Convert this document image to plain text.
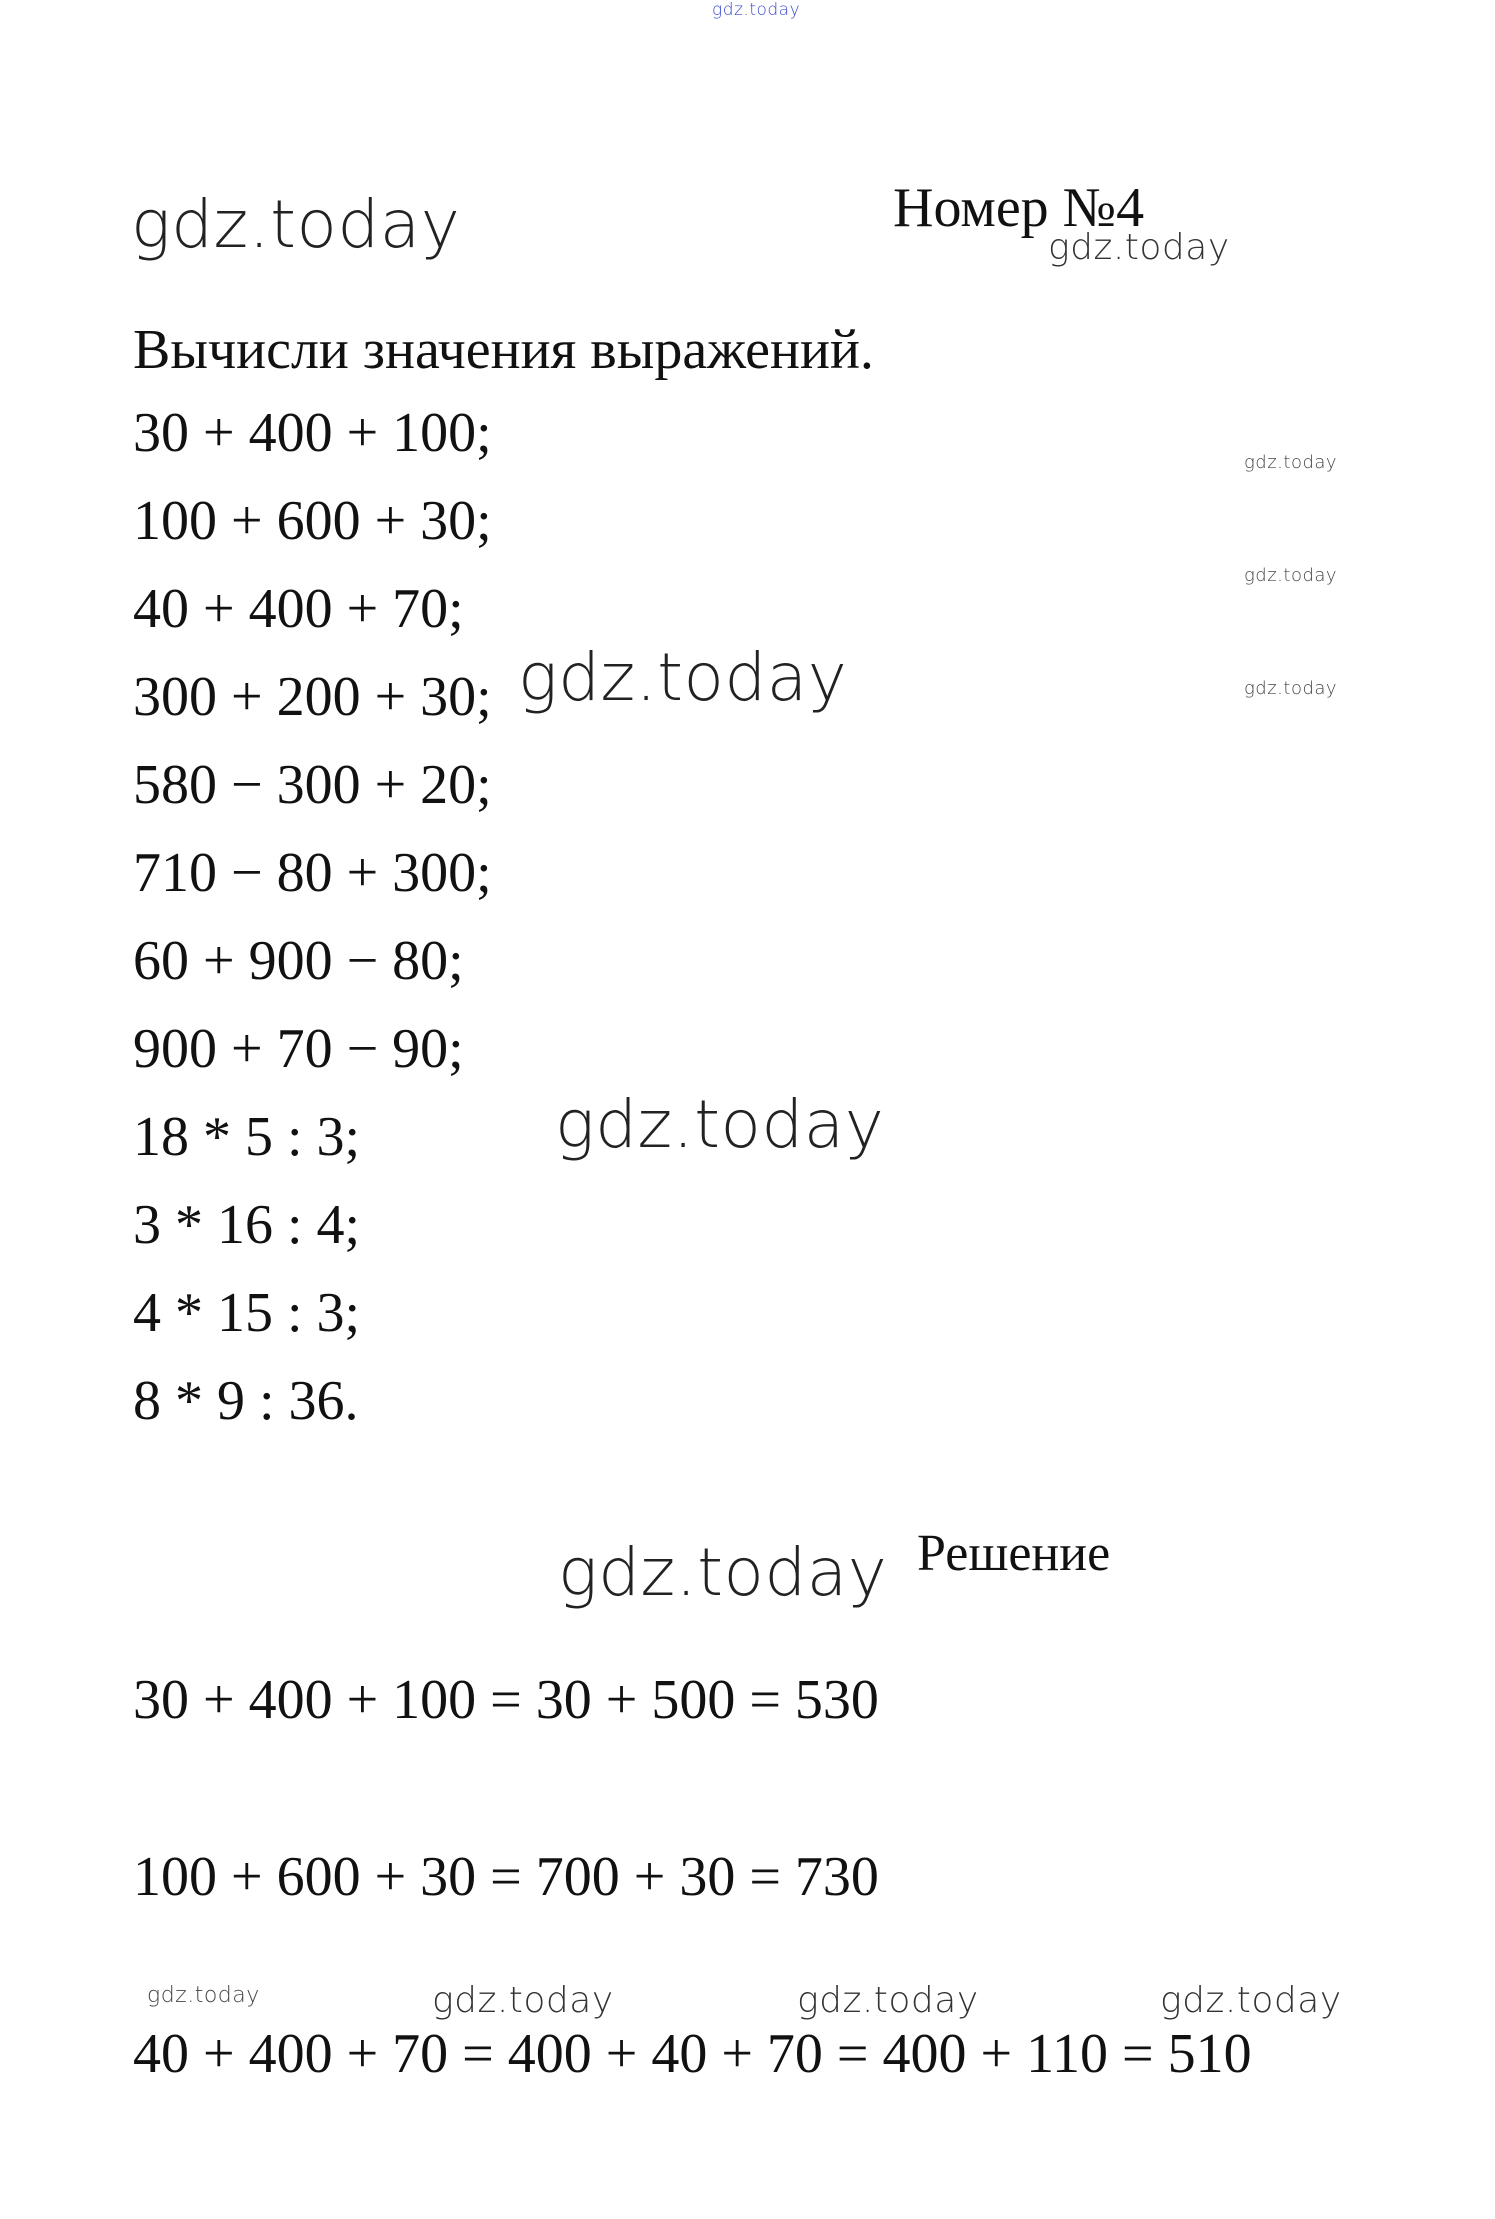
gdz.today
gdz.today	Номер №4
gdz.today
Вычисли значения выражений.
30 + 400 + 100;
100 + 600 + 30;
40 + 400 + 70;
300 + 200 + 30;
580 − 300 + 20;
710 − 80 + 300;
60 + 900 − 80;
900 + 70 − 90;
18 * 5 : 3;
3 * 16 : 4;
4 * 15 : 3;
8 * 9 : 36.
gdz.today
gdz.today
gdz.today
gdz.today
gdz.today
gdz.today Решение
30 + 400 + 100 = 30 + 500 = 530
100 + 600 + 30 = 700 + 30 = 730
40 + 400 + 70 = 400 + 40 + 70 = 400 + 110 = 510
gdz.today	gdz.today	gdz.today	gdz.today
